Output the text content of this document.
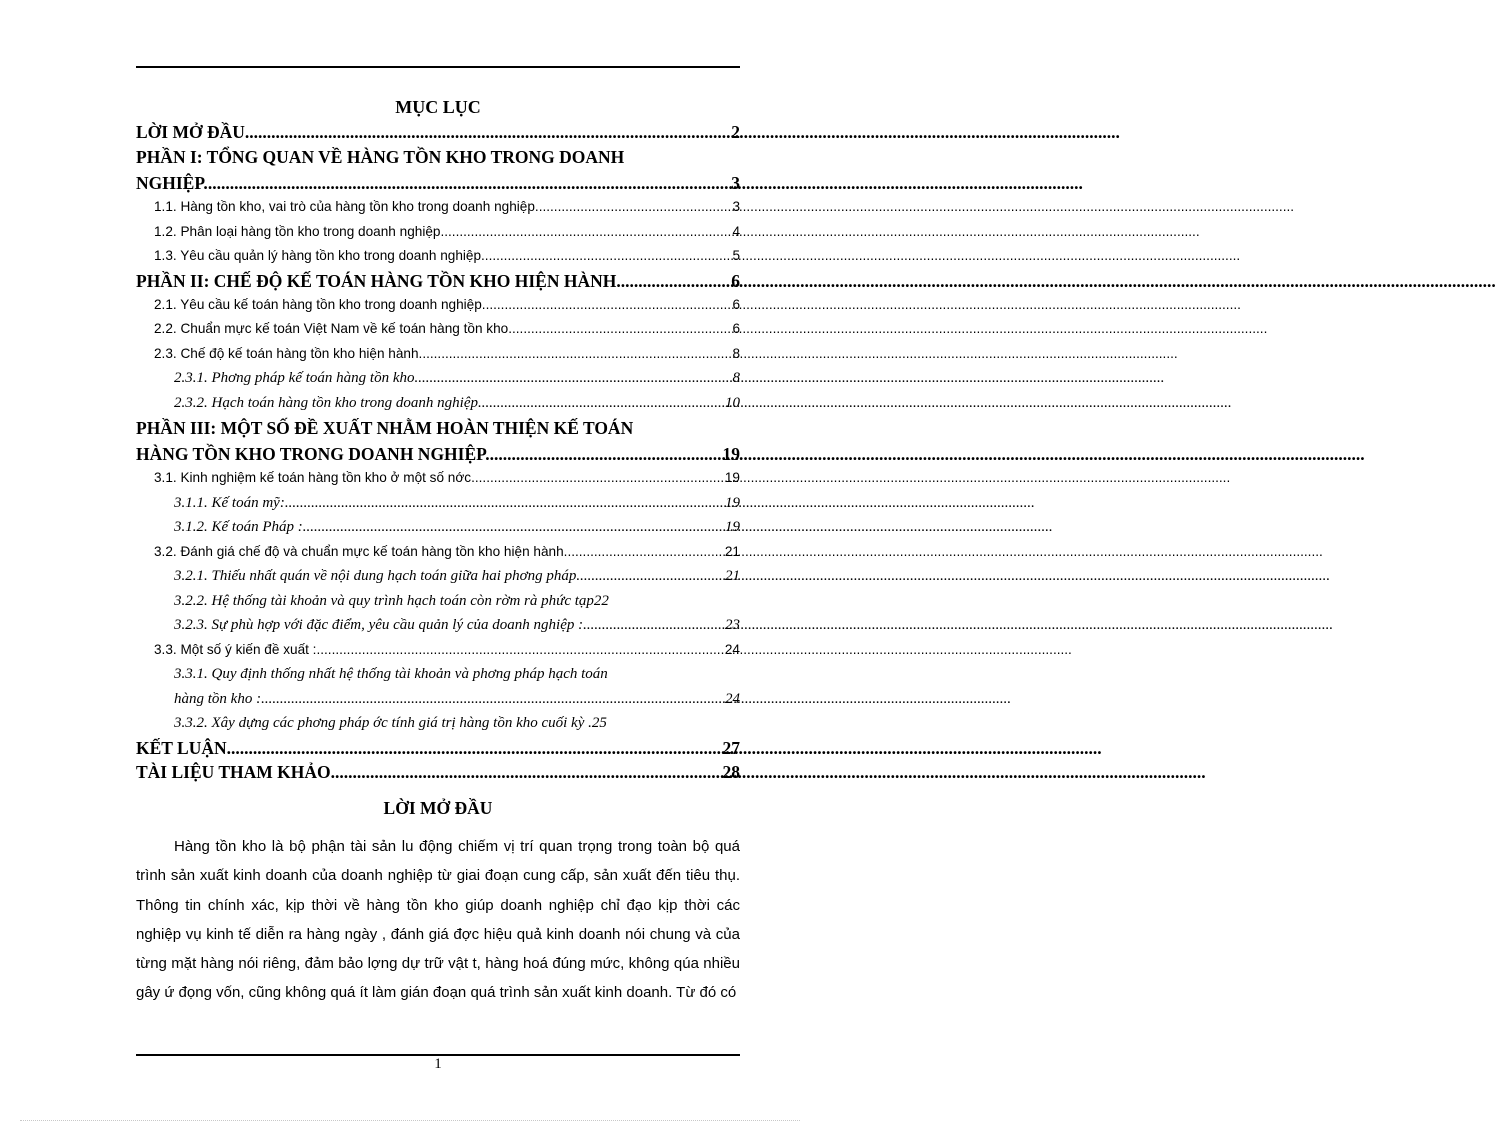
MỤC LỤC
LỜI MỞ ĐẦU .....	2
PHẦN I: TỔNG QUAN VỀ HÀNG TỒN KHO TRONG DOANH
NGHIỆP. .....	3
1.1. Hàng tồn kho, vai trò của hàng tồn kho trong doanh nghiệp. .....	3
1.2. Phân loại hàng tồn kho trong doanh nghiệp. .....	4
1.3. Yêu cầu quản lý hàng tồn kho trong doanh nghiệp. .....	5
PHẦN II: CHẾ ĐỘ KẾ TOÁN HÀNG TỒN KHO HIỆN HÀNH. .....	6
2.1. Yêu cầu kế toán hàng tồn kho trong doanh nghiệp. .....	6
2.2. Chuẩn mực kế toán Việt Nam về kế toán hàng tồn kho. .....	6
2.3. Chế độ kế toán hàng tồn kho hiện hành. .....	8
2.3.1. Phơng pháp kế toán hàng tồn kho .....	8
2.3.2. Hạch toán hàng tồn kho trong doanh nghiệp. .....	10
PHẦN III: MỘT SỐ ĐỀ XUẤT NHẰM HOÀN THIỆN KẾ TOÁN
HÀNG TỒN KHO TRONG DOANH NGHIỆP. .....	19
3.1. Kinh nghiệm kế toán hàng tồn kho ở một số nớc. .....	19
3.1.1. Kế toán mỹ: .....	19
3.1.2. Kế toán Pháp : .....	19
3.2. Đánh giá chế độ và chuẩn mực kế toán hàng tồn kho hiện hành. .....	21
3.2.1. Thiếu nhất quán về nội dung hạch toán giữa hai phơng pháp. .....	21
3.2.2. Hệ thống tài khoản và quy trình hạch toán còn rờm rà phức tạp 22
3.2.3. Sự phù hợp với đặc điểm, yêu cầu quản lý của doanh nghiệp : .....	23
3.3. Một số ý kiến đề xuất : .....	24
3.3.1. Quy định thống nhất hệ thống tài khoản và phơng pháp hạch toán
hàng tồn kho : .....	24
3.3.2. Xây dựng các phơng pháp ớc tính giá trị hàng tồn kho cuối kỳ . 25
KẾT LUẬN .....	27
TÀI LIỆU THAM KHẢO .....	28
LỜI MỞ ĐẦU

Hàng tồn kho là bộ phận tài sản lu động chiếm vị trí quan trọng trong toàn bộ quá trình sản xuất kinh doanh của doanh nghiệp từ giai đoạn cung cấp, sản xuất đến tiêu thụ. Thông tin chính xác, kịp thời về hàng tồn kho giúp doanh nghiệp chỉ đạo kịp thời các nghiệp vụ kinh tế diễn ra hàng ngày , đánh giá đợc hiệu quả kinh doanh nói chung và của từng mặt hàng nói riêng, đảm bảo lợng dự trữ vật t, hàng hoá đúng mức, không qúa nhiều gây ứ đọng vốn, cũng không quá ít làm gián đoạn quá trình sản xuất kinh doanh. Từ đó có

1
